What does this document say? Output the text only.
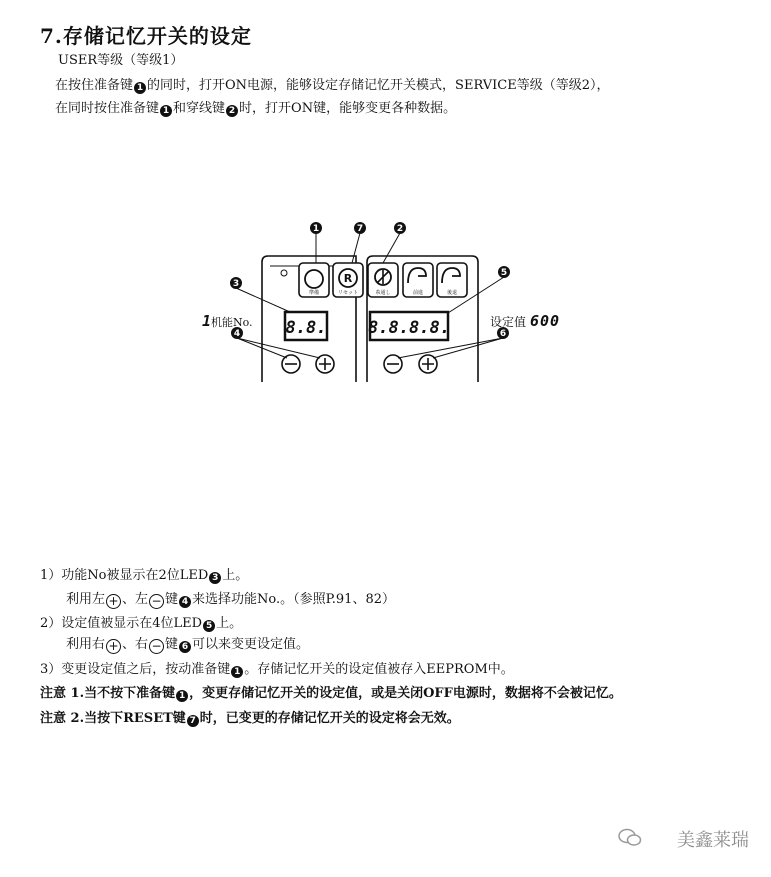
7.存储记忆开关的设定
USER等级（等级1）
在按住准备键 1 的同时，打开ON电源，能够设定存储记忆开关模式，SERVICE等级（等级2），
在同时按住准备键 1 和穿线键 2 时，打开ON键，能够变更各种数据。
1	7	2
3
5
4	6
準備	リセット	糸通し	前進	後退
R
8.8. 8.8.8.8.
1 机能No.	设定值 600
1）功能No被显示在2位LED 3 上。
利用左 + 、左 − 键 4 来选择功能No.。（参照P.91、82）
2）设定值被显示在4位LED 5 上。
利用右 + 、右 − 键 6 可以来变更设定值。
3）变更设定值之后，按动准备键 1 。存储记忆开关的设定值被存入EEPROM中。
注意 1.当不按下准备键 1 ，变更存储记忆开关的设定值，或是关闭OFF电源时，数据将不会被记忆。
注意 2.当按下RESET键 7 时，已变更的存储记忆开关的设定将会无效。
美鑫莱瑞
